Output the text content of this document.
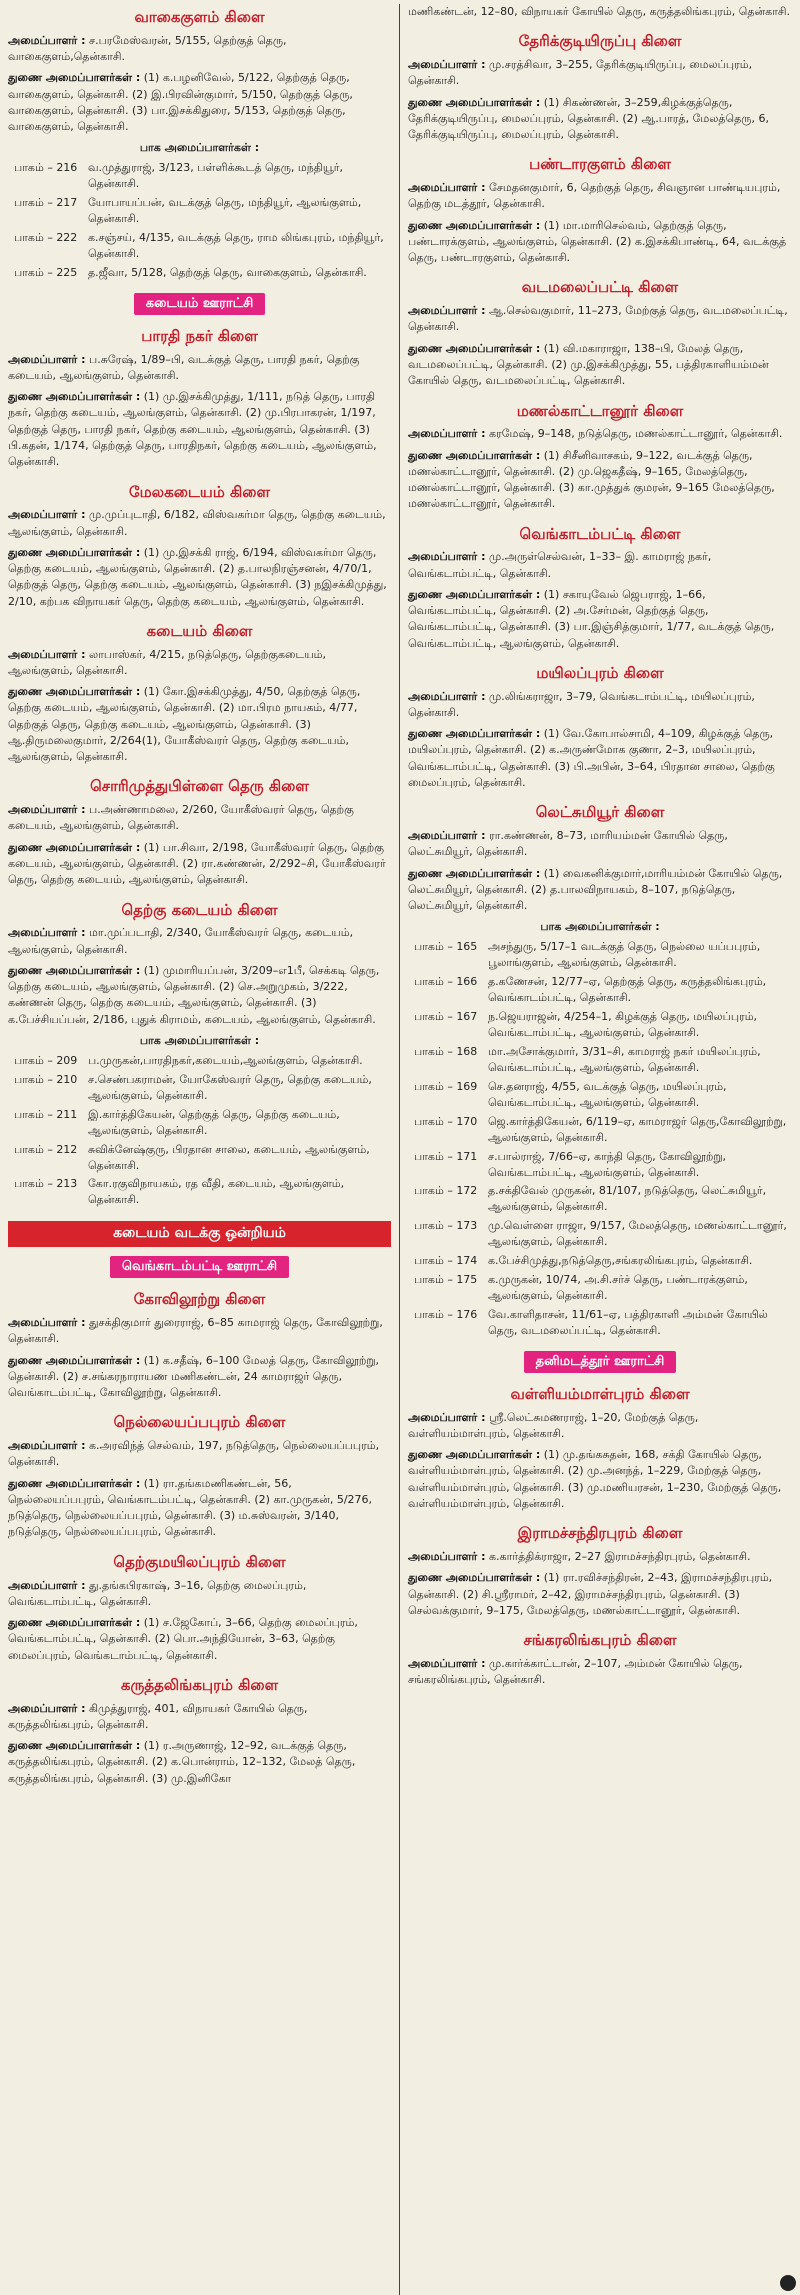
வாகைகுளம் கிளை

அமைப்பாளர் : ச.பரமேஸ்வரன், 5/155, தெற்குத் தெரு, வாகைகுளம்,தென்காசி.

துணை அமைப்பாளர்கள் : (1) க.பழனிவேல், 5/122, தெற்குத் தெரு, வாகைகுளம், தென்காசி. (2) இ.பிரவின்குமார், 5/150, தெற்குத் தெரு, வாகைகுளம், தென்காசி. (3) பா.இசக்கிதுரை, 5/153, தெற்குத் தெரு, வாகைகுளம், தென்காசி.

பாக அமைப்பாளர்கள் :
பாகம் – 216	வ.முத்துராஜ், 3/123, பள்ளிக்கூடத் தெரு, மந்தியூர், தென்காசி.
பாகம் – 217	யோபாயப்பன், வடக்குத் தெரு, மந்தியூர், ஆலங்குளம், தென்காசி.
பாகம் – 222	க.சஞ்சய், 4/135, வடக்குத் தெரு, ராம லிங்கபுரம், மந்தியூர், தென்காசி.
பாகம் – 225	த.ஜீவா, 5/128, தெற்குத் தெரு, வாகைகுளம், தென்காசி.
கடையம் ஊராட்சி
பாரதி நகர் கிளை

அமைப்பாளர் : ப.சுரேஷ், 1/89–பி, வடக்குத் தெரு, பாரதி நகர், தெற்கு கடையம், ஆலங்குளம், தென்காசி.

துணை அமைப்பாளர்கள் : (1) மு.இசக்கிமுத்து, 1/111, நடுத் தெரு, பாரதி நகர், தெற்கு கடையம், ஆலங்குளம், தென்காசி. (2) மு.பிரபாகரன், 1/197, தெற்குத் தெரு, பாரதி நகர், தெற்கு கடையம், ஆலங்குளம், தென்காசி. (3) பி.கதன், 1/174, தெற்குத் தெரு, பாரதிநகர், தெற்கு கடையம், ஆலங்குளம், தென்காசி.

மேலகடையம் கிளை

அமைப்பாளர் : மு.முப்புடாதி, 6/182, விஸ்வகர்மா தெரு, தெற்கு கடையம், ஆலங்குளம், தென்காசி.

துணை அமைப்பாளர்கள் : (1) மு.இசக்கி ராஜ், 6/194, விஸ்வகர்மா தெரு, தெற்கு கடையம், ஆலங்குளம், தென்காசி. (2) த.பாலநிரஞ்சனன், 4/70/1, தெற்குத் தெரு, தெற்கு கடையம், ஆலங்குளம், தென்காசி. (3) நஇசக்கிமுத்து, 2/10, கற்பக விநாயகர் தெரு, தெற்கு கடையம், ஆலங்குளம், தென்காசி.

கடையம் கிளை

அமைப்பாளர் : லாபாஸ்கர், 4/215, நடுத்தெரு, தெற்குகடையம், ஆலங்குளம், தென்காசி.

துணை அமைப்பாளர்கள் : (1) கோ.இசக்கிமுத்து, 4/50, தெற்குத் தெரு, தெற்கு கடையம், ஆலங்குளம், தென்காசி. (2) மா.பிரம நாயகம், 4/77, தெற்குத் தெரு, தெற்கு கடையம், ஆலங்குளம், தென்காசி. (3) ஆ.திருமலைகுமார், 2/264(1), யோகீஸ்வரர் தெரு, தெற்கு கடையம், ஆலங்குளம், தென்காசி.

சொரிமுத்துபிள்ளை தெரு கிளை

அமைப்பாளர் : ப.அண்ணாமலை, 2/260, யோகீஸ்வரர் தெரு, தெற்கு கடையம், ஆலங்குளம், தென்காசி.

துணை அமைப்பாளர்கள் : (1) பா.சிவா, 2/198, யோகீஸ்வரர் தெரு, தெற்கு கடையம், ஆலங்குளம், தென்காசி. (2) ரா.கண்ணன், 2/292–சி, யோகீஸ்வரர் தெரு, தெற்கு கடையம், ஆலங்குளம், தென்காசி.

தெற்கு கடையம் கிளை

அமைப்பாளர் : மா.முப்படாதி, 2/340, யோகீஸ்வரர் தெரு, கடையம், ஆலங்குளம், தென்காசி.

துணை அமைப்பாளர்கள் : (1) முமாரியப்பன், 3/209–எ1பீ, செக்கடி தெரு, தெற்கு கடையம், ஆலங்குளம், தென்காசி. (2) செ.அறுமுகம், 3/222, கண்ணன் தெரு, தெற்கு கடையம், ஆலங்குளம், தென்காசி. (3) க.பேச்சியப்பன், 2/186, புதுக் கிராமம், கடையம், ஆலங்குளம், தென்காசி.

பாக அமைப்பாளர்கள் :
பாகம் – 209	ப.முருகன்,பாரதிநகர்,கடையம்,ஆலங்குளம், தென்காசி.
பாகம் – 210	ச.செண்பகராமன், யோகேஸ்வரர் தெரு, தெற்கு கடையம், ஆலங்குளம், தென்காசி.
பாகம் – 211	இ.கார்த்திகேயன், தெற்குத் தெரு, தெற்கு கடையம், ஆலங்குளம், தென்காசி.
பாகம் – 212	சுவிக்னேஷ்குரு, பிரதான சாலை, கடையம், ஆலங்குளம், தென்காசி.
பாகம் – 213	கோ.ரகுவிநாயகம், ரத வீதி, கடையம், ஆலங்குளம், தென்காசி.
கடையம் வடக்கு ஒன்றியம்
வெங்காடம்பட்டி ஊராட்சி
கோவிலூற்று கிளை

அமைப்பாளர் : துசக்திகுமார் துரைராஜ், 6–85 காமராஜ் தெரு, கோவிலூற்று, தென்காசி.

துணை அமைப்பாளர்கள் : (1) க.சதீஷ், 6–100 மேலத் தெரு, கோவிலூற்று, தென்காசி. (2) ச.சங்கரநாராயண மணிகண்டன், 24 காமராஜர் தெரு, வெங்காடம்பட்டி, கோவிலூற்று, தென்காசி.

நெல்லையப்பபுரம் கிளை

அமைப்பாளர் : க.அரவிந்த் செல்வம், 197, நடுத்தெரு, நெல்லையப்பபுரம், தென்காசி.

துணை அமைப்பாளர்கள் : (1) ரா.தங்கமணிகண்டன், 56, நெல்லையப்பபுரம், வெங்காடம்பட்டி, தென்காசி. (2) கா.முருகன், 5/276, நடுத்தெரு, நெல்லையப்பபுரம், தென்காசி. (3) ம.சுஸ்வரன், 3/140, நடுத்தெரு, நெல்லையப்பபுரம், தென்காசி.

தெற்குமயிலப்புரம் கிளை

அமைப்பாளர் : து.தங்கபிரகாஷ், 3–16, தெற்கு மைலப்புரம், வெங்கடாம்பட்டி, தென்காசி.

துணை அமைப்பாளர்கள் : (1) ச.ஜேகோப், 3–66, தெற்கு மைலப்புரம், வெங்கடாம்பட்டி, தென்காசி. (2) பொ.அந்தியோன், 3–63, தெற்கு மைலப்புரம், வெங்கடாம்பட்டி, தென்காசி.

கருத்தலிங்கபுரம் கிளை

அமைப்பாளர் : கிமுத்துராஜ், 401, விநாயகர் கோயில் தெரு, கருத்தலிங்கபுரம், தென்காசி.

துணை அமைப்பாளர்கள் : (1) ர.அருணாஜ், 12–92, வடக்குத் தெரு, கருத்தலிங்கபுரம், தென்காசி. (2) க.பொன்ராம், 12–132, மேலத் தெரு, கருத்தலிங்கபுரம், தென்காசி. (3) மு.இனிகோ

மணிகண்டன், 12–80, விநாயகர் கோயில் தெரு, கருத்தலிங்கபுரம், தென்காசி.

தேரிக்குடியிருப்பு கிளை

அமைப்பாளர் : மு.சரத்சிவா, 3–255, தேரிக்குடியிருப்பு, மைலப்புரம், தென்காசி.

துணை அமைப்பாளர்கள் : (1) சிகண்ணன், 3–259,கிழக்குத்தெரு, தேரிக்குடியிருப்பு, மைலப்புரம், தென்காசி. (2) ஆ.பாரத், மேலத்தெரு, 6, தேரிக்குடியிருப்பு, மைலப்புரம், தென்காசி.

பண்டாரகுளம் கிளை

அமைப்பாளர் : சேமதனகுமார், 6, தெற்குத் தெரு, சிவஞான பாண்டியபுரம், தெற்கு மடத்தூர், தென்காசி.

துணை அமைப்பாளர்கள் : (1) மா.மாரிசெல்வம், தெற்குத் தெரு, பண்டாரக்குளம், ஆலங்குளம், தென்காசி. (2) க.இசக்கிபாண்டி, 64, வடக்குத் தெரு, பண்டாரகுளம், தென்காசி.

வடமலைப்பட்டி கிளை

அமைப்பாளர் : ஆ.செல்வகுமார், 11–273, மேற்குத் தெரு, வடமலைப்பட்டி, தென்காசி.

துணை அமைப்பாளர்கள் : (1) வி.மகாராஜா, 138–பி, மேலத் தெரு, வடமலைப்பட்டி, தென்காசி. (2) மு.இசக்கிமுத்து, 55, பத்திரகாளியம்மன் கோயில் தெரு, வடமலைப்பட்டி, தென்காசி.

மணல்காட்டானூர் கிளை

அமைப்பாளர் : கரமேஷ், 9–148, நடுத்தெரு, மணல்காட்டானூர், தென்காசி.

துணை அமைப்பாளர்கள் : (1) சிசீனிவாசகம், 9–122, வடக்குத் தெரு, மணல்காட்டானூர், தென்காசி. (2) மு.ஜெகதீஷ், 9–165, மேலத்தெரு, மணல்காட்டானூர், தென்காசி. (3) கா.முத்துக் குமரன், 9–165 மேலத்தெரு, மணல்காட்டானூர், தென்காசி.

வெங்காடம்பட்டி கிளை

அமைப்பாளர் : மு.அருள்செல்வன், 1–33– இ. காமராஜ் நகர், வெங்கடாம்பட்டி, தென்காசி.

துணை அமைப்பாளர்கள் : (1) சகாயுவேல் ஜெபராஜ், 1–66, வெங்கடாம்பட்டி, தென்காசி. (2) அ.சேர்மன், தெற்குத் தெரு, வெங்கடாம்பட்டி, தென்காசி. (3) பா.இஞ்சித்குமார், 1/77, வடக்குத் தெரு, வெங்கடாம்பட்டி, ஆலங்குளம், தென்காசி.

மயிலப்புரம் கிளை

அமைப்பாளர் : மு.லிங்கராஜா, 3–79, வெங்கடாம்பட்டி, மயிலப்புரம், தென்காசி.

துணை அமைப்பாளர்கள் : (1) வே.கோபால்சாமி, 4–109, கிழக்குத் தெரு, மயிலப்புரம், தென்காசி. (2) க.அருண்மோக குணா, 2–3, மயிலப்புரம், வெங்கடாம்பட்டி, தென்காசி. (3) பி.அபின், 3–64, பிரதான சாலை, தெற்கு மைலப்புரம், தென்காசி.

லெட்சுமியூர் கிளை

அமைப்பாளர் : ரா.கண்ணன், 8–73, மாரியம்மன் கோயில் தெரு, லெட்சுமியூர், தென்காசி.

துணை அமைப்பாளர்கள் : (1) வைகனிக்குமார்,மாரியம்மன் கோயில் தெரு, லெட்சுமியூர், தென்காசி. (2) த.பாலவிநாயகம், 8–107, நடுத்தெரு, லெட்சுமியூர், தென்காசி.

பாக அமைப்பாளர்கள் :
பாகம் – 165	அசந்துரு, 5/17–1 வடக்குத் தெரு, நெல்லை யப்பபுரம், பூலாங்குளம், ஆலங்குளம், தென்காசி.
பாகம் – 166	த.கணேசன், 12/77–ஏ, தெற்குத் தெரு, கருத்தலிங்கபுரம், வெங்காடம்பட்டி, தென்காசி.
பாகம் – 167	ந.ஜெயராஜன், 4/254–1, கிழக்குத் தெரு, மயிலப்புரம், வெங்கடாம்பட்டி, ஆலங்குளம், தென்காசி.
பாகம் – 168	மா.அசோக்குமார், 3/31–சி, காமராஜ் நகர் மயிலப்புரம், வெங்கடாம்பட்டி, ஆலங்குளம், தென்காசி.
பாகம் – 169	செ.தனராஜ், 4/55, வடக்குத் தெரு, மயிலப்புரம், வெங்கடாம்பட்டி, ஆலங்குளம், தென்காசி.
பாகம் – 170	ஜெ.கார்த்திகேயன், 6/119–ஏ, காமராஜர் தெரு,கோவிலூற்று, ஆலங்குளம், தென்காசி.
பாகம் – 171	ச.பால்ராஜ், 7/66–ஏ, காந்தி தெரு, கோவிலூற்று, வெங்கடாம்பட்டி, ஆலங்குளம், தென்காசி.
பாகம் – 172	த.சக்திவேல் முருகன், 81/107, நடுத்தெரு, லெட்சுமியூர், ஆலங்குளம், தென்காசி.
பாகம் – 173	மு.வெள்ளை ராஜா, 9/157, மேலத்தெரு, மணல்காட்டானூர், ஆலங்குளம், தென்காசி.
பாகம் – 174	க.பேச்சிமுத்து,நடுத்தெரு,சங்கரலிங்கபுரம், தென்காசி.
பாகம் – 175	க.முருகன், 10/74, அ.சி.சர்ச் தெரு, பண்டாரக்குளம், ஆலங்குளம், தென்காசி.
பாகம் – 176	வே.காளிதாசன், 11/61–ஏ, பத்திரகாளி அம்மன் கோயில் தெரு, வடமலைப்பட்டி, தென்காசி.
தனிமடத்தூர் ஊராட்சி
வள்ளியம்மாள்புரம் கிளை

அமைப்பாளர் : ஸ்ரீ.லெட்சுமணராஜ், 1–20, மேற்குத் தெரு, வள்ளியம்மாள்புரம், தென்காசி.

துணை அமைப்பாளர்கள் : (1) மு.தங்கசுதன், 168, சக்தி கோயில் தெரு, வள்ளியம்மாள்புரம், தென்காசி. (2) மு.அனந்த், 1–229, மேற்குத் தெரு, வள்ளியம்மாள்புரம், தென்காசி. (3) மு.மணியரசன், 1–230, மேற்குத் தெரு, வள்ளியம்மாள்புரம், தென்காசி.

இராமச்சந்திரபுரம் கிளை

அமைப்பாளர் : க.கார்த்திக்ராஜா, 2–27 இராமச்சந்திரபுரம், தென்காசி.

துணை அமைப்பாளர்கள் : (1) ரா.ரவிச்சந்திரன், 2–43, இராமச்சந்திரபுரம், தென்காசி. (2) சி.ஸ்ரீராமர், 2–42, இராமச்சந்திரபுரம், தென்காசி. (3) செல்வக்குமார், 9–175, மேலத்தெரு, மணல்காட்டானூர், தென்காசி.

சங்கரலிங்கபுரம் கிளை

அமைப்பாளர் : மு.கார்க்காட்டான், 2–107, அம்மன் கோயில் தெரு, சங்கரலிங்கபுரம், தென்காசி.
